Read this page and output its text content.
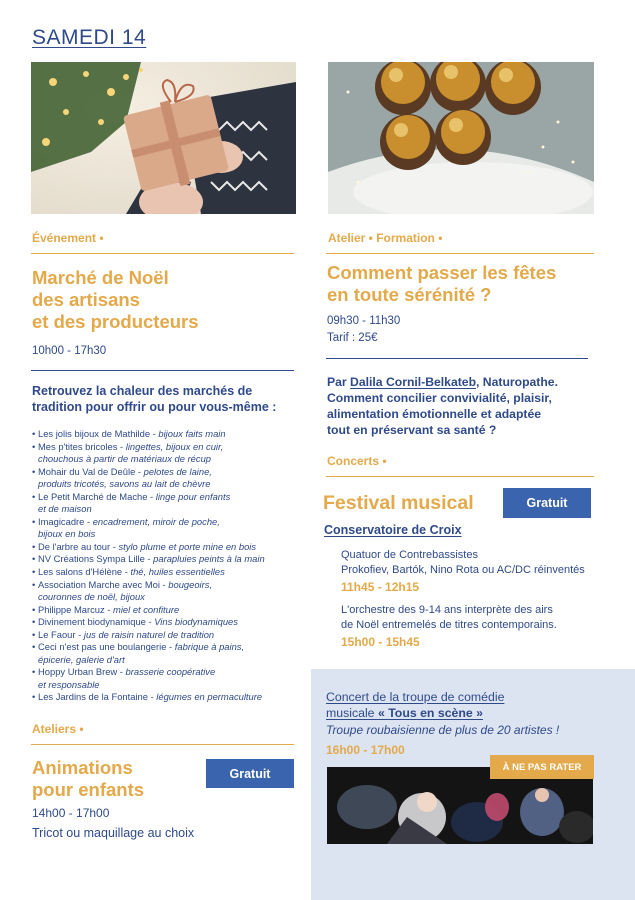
SAMEDI 14
Événement •
Marché de Noël
des artisans
et des producteurs
10h00 - 17h30
Retrouvez la chaleur des marchés de
tradition pour offrir ou pour vous-même :
• Les jolis bijoux de Mathilde - bijoux faits main
• Mes p'tites bricoles - lingettes, bijoux en cuir,
chouchous à partir de matériaux de récup
• Mohair du Val de Deûle - pelotes de laine,
produits tricotés, savons au lait de chèvre
• Le Petit Marché de Mache - linge pour enfants
et de maison
• Imagicadre - encadrement, miroir de poche,
bijoux en bois
• De l'arbre au tour - stylo plume et porte mine en bois
• NV Créations Sympa Lille - parapluies peints à la main
• Les salons d'Hélène - thé, huiles essentielles
• Association Marche avec Moi - bougeoirs,
couronnes de noël, bijoux
• Philippe Marcuz - miel et confiture
• Divinement biodynamique - Vins biodynamiques
• Le Faour - jus de raisin naturel de tradition
• Ceci n'est pas une boulangerie - fabrique à pains,
épicerie, galerie d'art
• Hoppy Urban Brew - brasserie coopérative
et responsable
• Les Jardins de la Fontaine - légumes en permaculture
Ateliers •
Animations
pour enfants
Gratuit
14h00 - 17h00
Tricot ou maquillage au choix
Atelier • Formation •
Comment passer les fêtes
en toute sérénité ?
09h30 - 11h30
Tarif : 25€
Par Dalila Cornil-Belkateb, Naturopathe.
Comment concilier convivialité, plaisir,
alimentation émotionnelle et adaptée
tout en préservant sa santé ?
Concerts •
Festival musical	Gratuit
Conservatoire de Croix
Quatuor de Contrebassistes
Prokofiev, Bartók, Nino Rota ou AC/DC réinventés
11h45 - 12h15
L'orchestre des 9-14 ans interprète des airs
de Noël entremelés de titres contemporains.
15h00 - 15h45
Concert de la troupe de comédie
musicale « Tous en scène »
Troupe roubaisienne de plus de 20 artistes !
16h00 - 17h00
À NE PAS RATER
